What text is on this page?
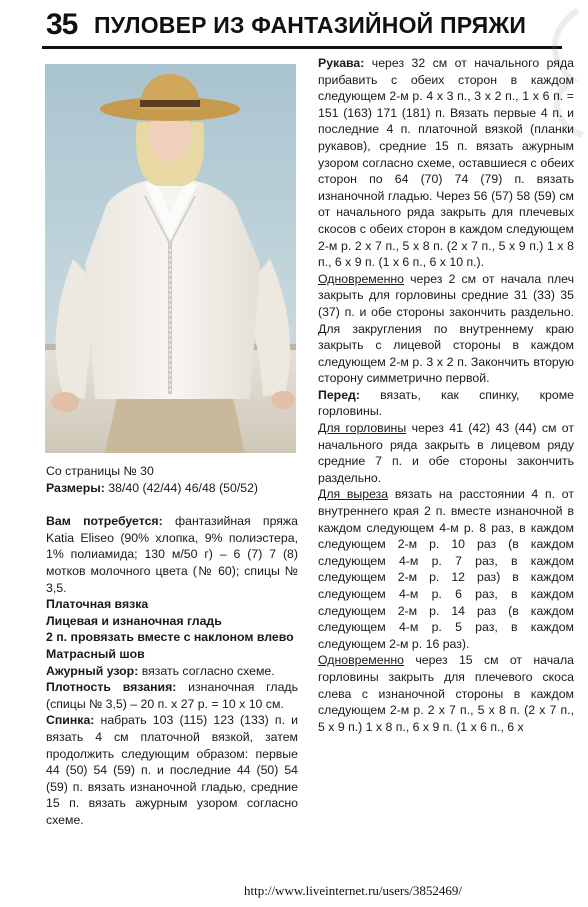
35 ПУЛОВЕР ИЗ ФАНТАЗИЙНОЙ ПРЯЖИ

Со страницы № 30

Размеры: 38/40 (42/44) 46/48 (50/52)

Вам потребуется: фантазийная пряжа Katia Eliseo (90% хлопка, 9% полиэстера, 1% полиамида; 130 м/50 г) – 6 (7) 7 (8) мотков молочного цвета (№ 60); спицы № 3,5.

Платочная вязка

Лицевая и изнаночная гладь

2 п. провязать вместе с наклоном влево

Матрасный шов

Ажурный узор: вязать согласно схеме.

Плотность вязания: изнаночная гладь (спицы № 3,5) – 20 п. х 27 р. = 10 х 10 см.

Спинка: набрать 103 (115) 123 (133) п. и вязать 4 см платочной вязкой, затем продолжить следующим образом: первые 44 (50) 54 (59) п. и последние 44 (50) 54 (59) п. вязать изнаночной гладью, средние 15 п. вязать ажурным узором согласно схеме.

Рукава: через 32 см от начального ряда прибавить с обеих сторон в каждом следующем 2-м р. 4 х 3 п., 3 х 2 п., 1 х 6 п. = 151 (163) 171 (181) п. Вязать первые 4 п. и последние 4 п. платочной вязкой (планки рукавов), средние 15 п. вязать ажурным узором согласно схеме, оставшиеся с обеих сторон по 64 (70) 74 (79) п. вязать изнаночной гладью. Через 56 (57) 58 (59) см от начального ряда закрыть для плечевых скосов с обеих сторон в каждом следующем 2-м р. 2 х 7 п., 5 х 8 п. (2 х 7 п., 5 х 9 п.) 1 х 8 п., 6 х 9 п. (1 х 6 п., 6 х 10 п.).

Одновременно через 2 см от начала плеч закрыть для горловины средние 31 (33) 35 (37) п. и обе стороны закончить раздельно. Для закругления по внутреннему краю закрыть с лицевой стороны в каждом следующем 2-м р. 3 х 2 п. Закончить вторую сторону симметрично первой.

Перед: вязать, как спинку, кроме горловины.

Для горловины через 41 (42) 43 (44) см от начального ряда закрыть в лицевом ряду средние 7 п. и обе стороны закончить раздельно.

Для выреза вязать на расстоянии 4 п. от внутреннего края 2 п. вместе изнаночной в каждом следующем 4-м р. 8 раз, в каждом следующем 2-м р. 10 раз (в каждом следующем 4-м р. 7 раз, в каждом следующем 2-м р. 12 раз) в каждом следующем 4-м р. 6 раз, в каждом следующем 2-м р. 14 раз (в каждом следующем 4-м р. 5 раз, в каждом следующем 2-м р. 16 раз).

Одновременно через 15 см от начала горловины закрыть для плечевого скоса слева с изнаночной стороны в каждом следующем 2-м р. 2 х 7 п., 5 х 8 п. (2 х 7 п., 5 х 9 п.) 1 х 8 п., 6 х 9 п. (1 х 6 п., 6 х

http://www.liveinternet.ru/users/3852469/
